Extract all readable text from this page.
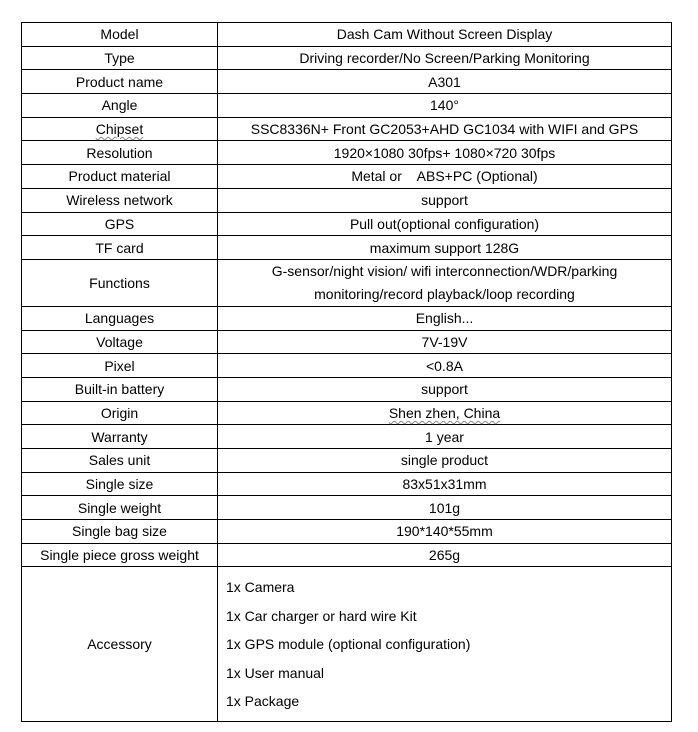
Model	Dash Cam Without Screen Display
Type	Driving recorder/No Screen/Parking Monitoring
Product name	A301
Angle	140°
Chipset	SSC8336N+ Front GC2053+AHD GC1034 with WIFI and GPS
Resolution	1920×1080 30fps+ 1080×720 30fps
Product material	Metal or    ABS+PC (Optional)
Wireless network	support
GPS	Pull out(optional configuration)
TF card	maximum support 128G
Functions	G-sensor/night vision/ wifi interconnection/WDR/parking
monitoring/record playback/loop recording

Languages	English...
Voltage	7V-19V
Pixel	<0.8A
Built-in battery	support
Origin	Shen zhen, China
Warranty	1 year
Sales unit	single product
Single size	83x51x31mm
Single weight	101g
Single bag size	190*140*55mm
Single piece gross weight	265g
Accessory	1x Camera
1x Car charger or hard wire Kit
1x GPS module (optional configuration)
1x User manual
1x Package
